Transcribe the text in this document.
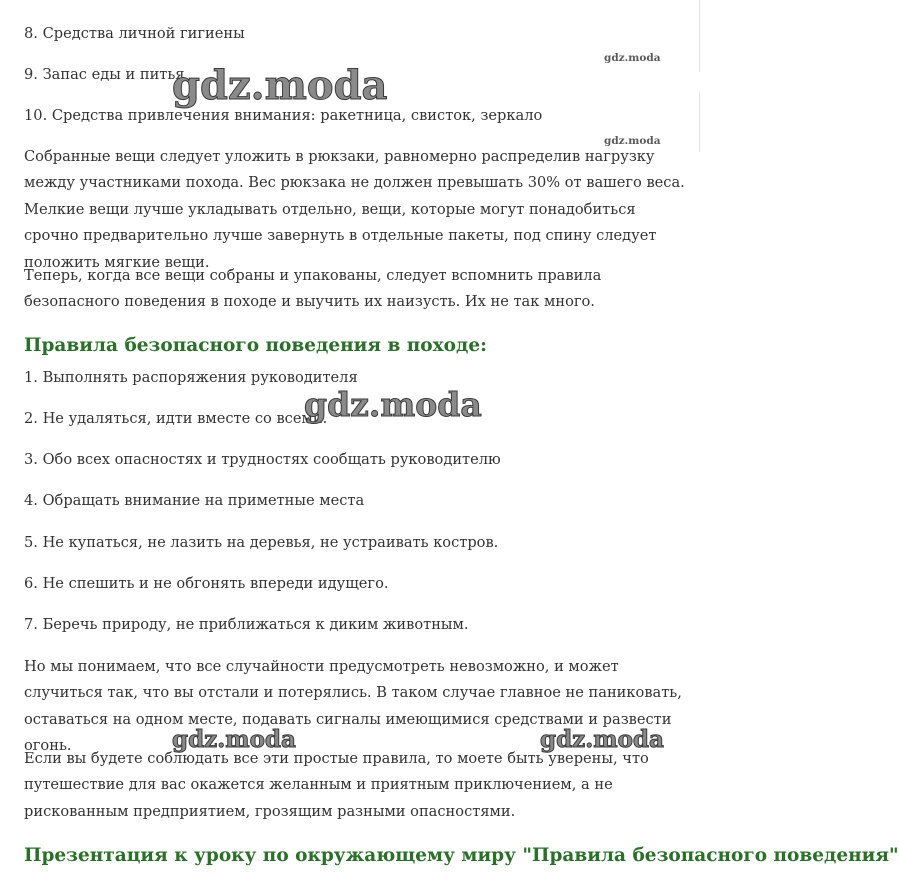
8. Средства личной гигиены

9. Запас еды и питья

10. Средства привлечения внимания: ракетница, свисток, зеркало

Собранные вещи следует уложить в рюкзаки, равномерно распределив нагрузку между участниками похода. Вес рюкзака не должен превышать 30% от вашего веса. Мелкие вещи лучше укладывать отдельно, вещи, которые могут понадобиться срочно предварительно лучше завернуть в отдельные пакеты, под спину следует положить мягкие вещи.

Теперь, когда все вещи собраны и упакованы, следует вспомнить правила безопасного поведения в походе и выучить их наизусть. Их не так много.

Правила безопасного поведения в походе:

1. Выполнять распоряжения руководителя

2. Не удаляться, идти вместе со всеми.

3. Обо всех опасностях и трудностях сообщать руководителю

4. Обращать внимание на приметные места

5. Не купаться, не лазить на деревья, не устраивать костров.

6. Не спешить и не обгонять впереди идущего.

7. Беречь природу, не приближаться к диким животным.

Но мы понимаем, что все случайности предусмотреть невозможно, и может случиться так, что вы отстали и потерялись. В таком случае главное не паниковать, оставаться на одном месте, подавать сигналы имеющимися средствами и развести огонь.

Если вы будете соблюдать все эти простые правила, то моете быть уверены, что путешествие для вас окажется желанным и приятным приключением, а не рискованным предприятием, грозящим разными опасностями.

Презентация к уроку по окружающему миру "Правила безопасного поведения"
gdz.moda
gdz.moda
gdz.moda
gdz.moda
gdz.moda	gdz.moda
